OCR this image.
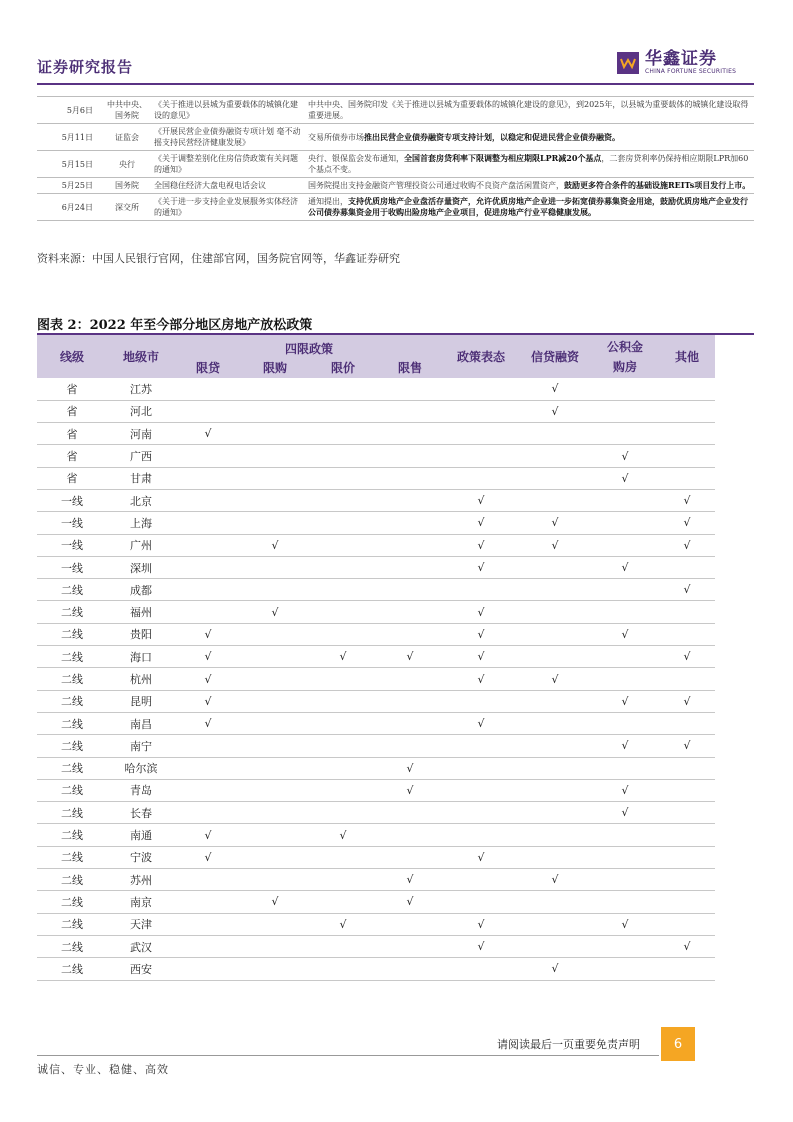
证券研究报告	华鑫证券
CHINA FORTUNE SECURITIES
5月6日	中共中央、国务院	《关于推进以县城为重要载体的城镇化建设的意见》	中共中央、国务院印发《关于推进以县城为重要载体的城镇化建设的意见》，到2025年，以县城为重要载体的城镇化建设取得重要进展。
5月11日	证监会	《开展民营企业债券融资专项计划 毫不动摇支持民营经济健康发展》	交易所债券市场推出民营企业债券融资专项支持计划，以稳定和促进民营企业债券融资。
5月15日	央行	《关于调整差别化住房信贷政策有关问题的通知》	央行、银保监会发布通知，全国首套房贷利率下限调整为相应期限LPR减20个基点，二套房贷利率仍保持相应期限LPR加60个基点不变。
5月25日	国务院	全国稳住经济大盘电视电话会议	国务院提出支持金融资产管理投资公司通过收购不良资产盘活闲置资产，鼓励更多符合条件的基础设施REITs项目发行上市。
6月24日	深交所	《关于进一步支持企业发展服务实体经济的通知》	通知提出，支持优质房地产企业盘活存量资产，允许优质房地产企业进一步拓宽债券募集资金用途，鼓励优质房地产企业发行公司债券募集资金用于收购出险房地产企业项目，促进房地产行业平稳健康发展。
资料来源：中国人民银行官网，住建部官网，国务院官网等，华鑫证券研究
图表 2：2022 年至今部分地区房地产放松政策
线级	地级市	四限政策				政策表态	信贷融资	公积金购房	其他
		限贷	限购	限价	限售				
省	江苏						√		
省	河北						√		
省	河南	√							
省	广西							√	
省	甘肃							√	
一线	北京					√			√
一线	上海					√	√		√
一线	广州		√			√	√		√
一线	深圳					√		√	
二线	成都								√
二线	福州		√			√			
二线	贵阳	√				√		√	
二线	海口	√		√	√	√			√
二线	杭州	√				√	√		
二线	昆明	√						√	√
二线	南昌	√				√			
二线	南宁							√	√
二线	哈尔滨				√				
二线	青岛				√			√	
二线	长春							√	
二线	南通	√		√					
二线	宁波	√				√			
二线	苏州				√		√		
二线	南京		√		√				
二线	天津			√		√		√	
二线	武汉					√			√
二线	西安						√		
请阅读最后一页重要免责声明	6
诚信、专业、稳健、高效
